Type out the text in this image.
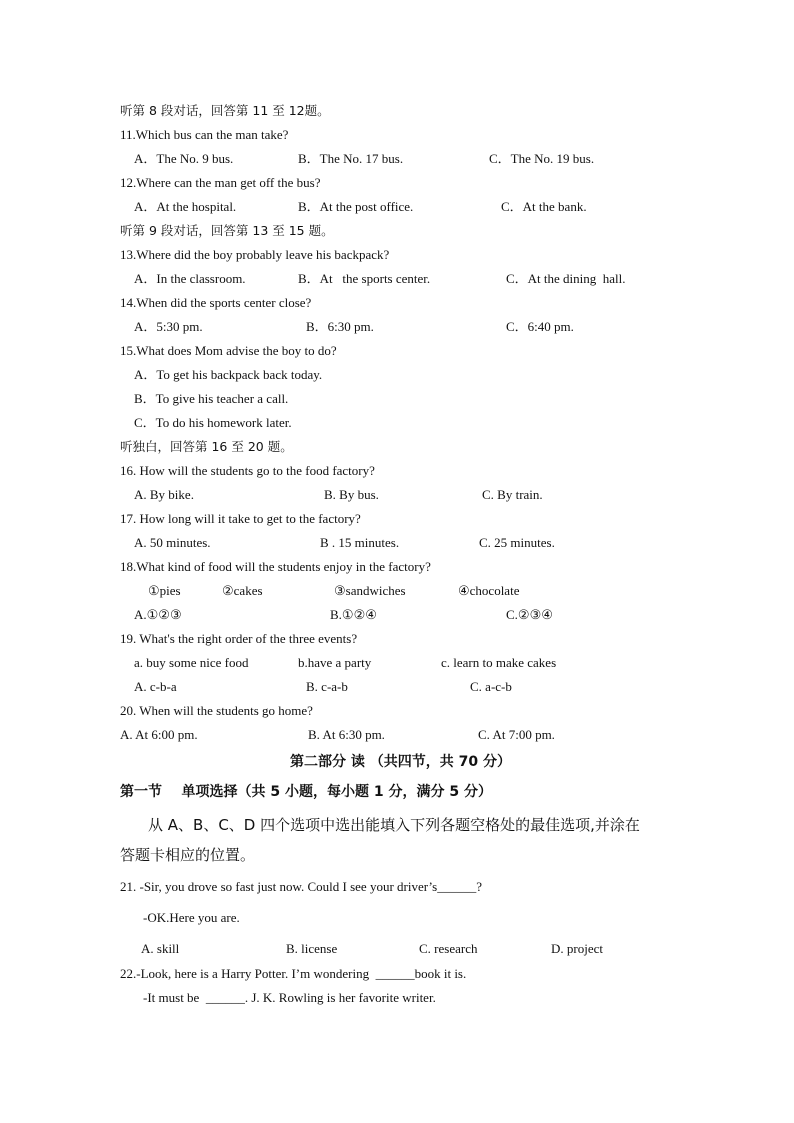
听第 8 段对话，回答第 11 至 12题。
11.Which bus can the man take?
A．The No. 9 bus.	B．The No. 17 bus.	C．The No. 19 bus.
12.Where can the man get off the bus?
A．At the hospital.	B．At the post office.	C．At the bank.
听第 9 段对话，回答第 13 至 15 题。
13.Where did the boy probably leave his backpack?
A．In the classroom.	B．At   the sports center.	C．At the dining  hall.
14.When did the sports center close?
A．5:30 pm.	B．6:30 pm.	C．6:40 pm.
15.What does Mom advise the boy to do?
A．To get his backpack back today.
B．To give his teacher a call.
C．To do his homework later.
听独白，回答第 16 至 20 题。
16. How will the students go to the food factory?
A. By bike.	B. By bus.	C. By train.
17. How long will it take to get to the factory?
A. 50 minutes.	B . 15 minutes.	C. 25 minutes.
18.What kind of food will the students enjoy in the factory?
①pies	②cakes	③sandwiches	④chocolate
A.①②③	B.①②④	C.②③④
19. What's the right order of the three events?
a. buy some nice food	b.have a party	c. learn to make cakes
A. c-b-a	B. c-a-b	C. a-c-b
20. When will the students go home?
A. At 6:00 pm.	B. At 6:30 pm.	C. At 7:00 pm.
第二部分 读 （共四节，共 70 分）
第一节    单项选择（共 5 小题，每小题 1 分，满分 5 分）
从 A、B、C、D 四个选项中选出能填入下列各题空格处的最佳选项,并涂在
答题卡相应的位置。
21. -Sir, you drove so fast just now. Could I see your driver’s______?
-OK.Here you are.
A. skill	B. license	C. research	D. project
22.-Look, here is a Harry Potter. I’m wondering  ______book it is.
-It must be  ______. J. K. Rowling is her favorite writer.
